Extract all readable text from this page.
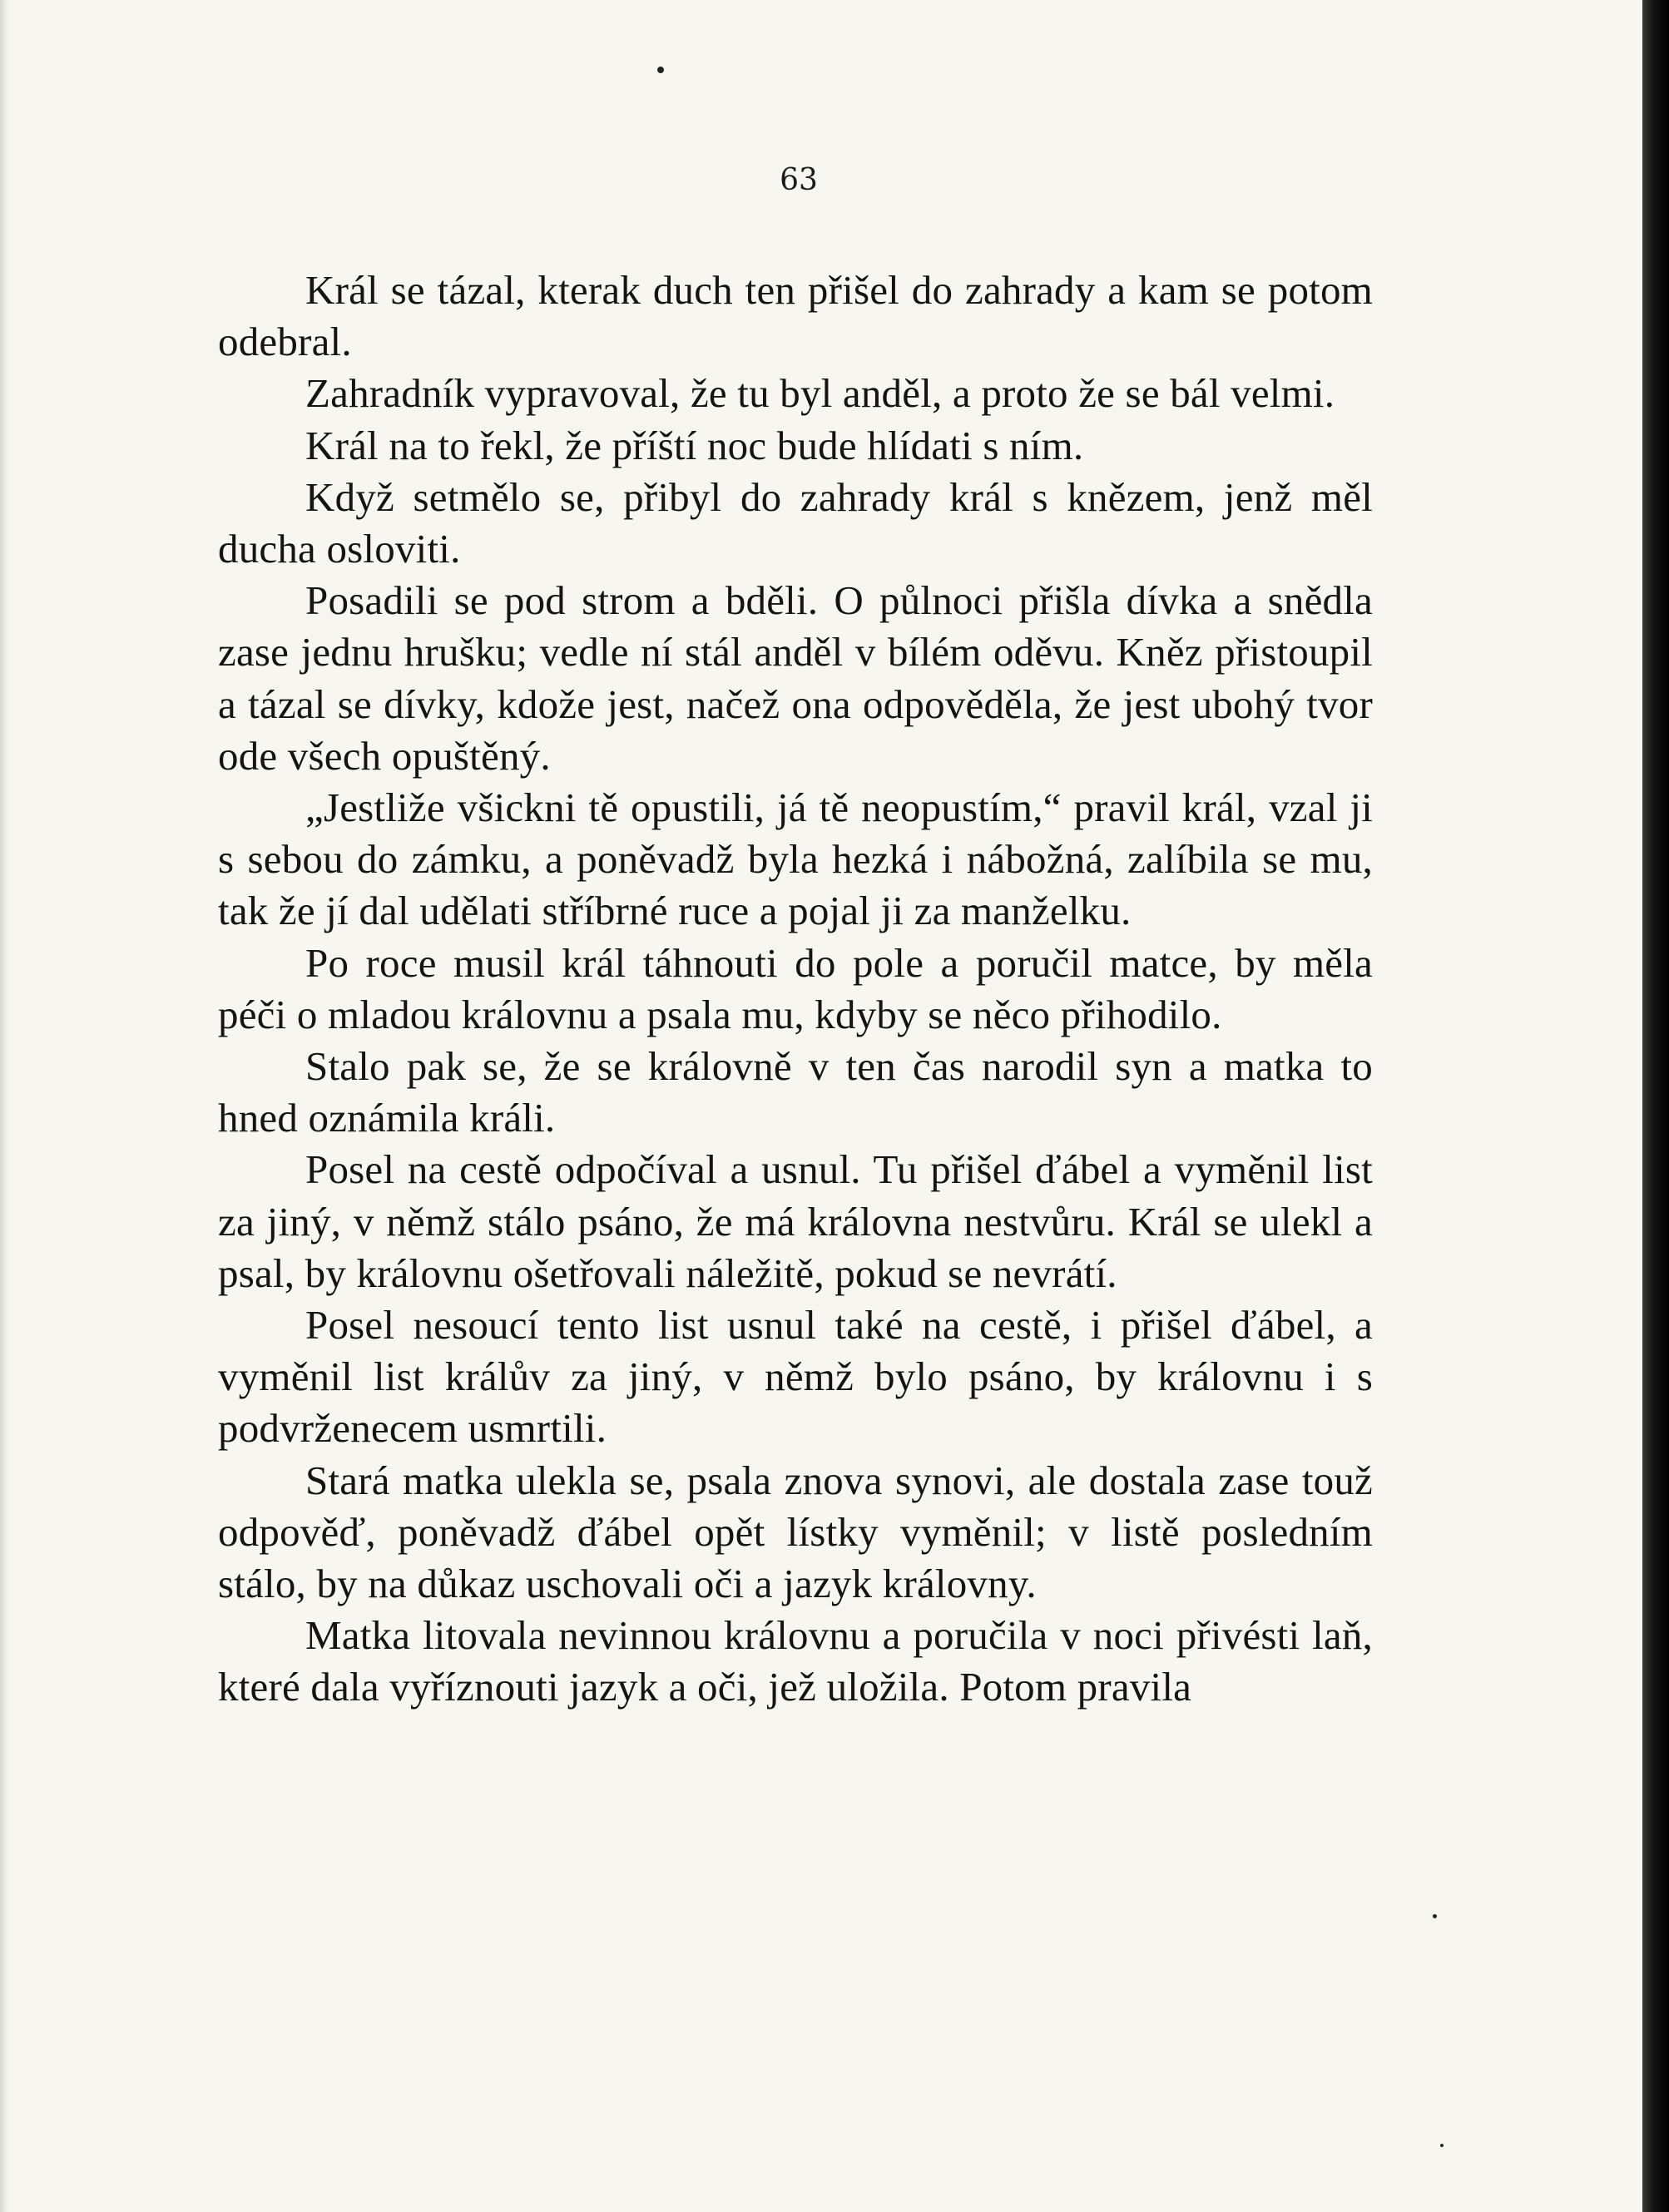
63

Král se tázal, kterak duch ten přišel do zahrady a kam se potom odebral.

Zahradník vypravoval, že tu byl anděl, a proto že se bál velmi.

Král na to řekl, že příští noc bude hlídati s ním.

Když setmělo se, přibyl do zahrady král s knězem, jenž měl ducha osloviti.

Posadili se pod strom a bděli. O půlnoci přišla dívka a snědla zase jednu hrušku; vedle ní stál anděl v bílém oděvu. Kněz přistoupil a tázal se dívky, kdože jest, načež ona odpověděla, že jest ubohý tvor ode všech opuštěný.

„Jestliže všickni tě opustili, já tě neopustím,“ pravil král, vzal ji s sebou do zámku, a poněvadž byla hezká i nábožná, zalíbila se mu, tak že jí dal udělati stříbrné ruce a pojal ji za manželku.

Po roce musil král táhnouti do pole a poručil matce, by měla péči o mladou královnu a psala mu, kdyby se něco přihodilo.

Stalo pak se, že se královně v ten čas narodil syn a matka to hned oznámila králi.

Posel na cestě odpočíval a usnul. Tu přišel ďábel a vyměnil list za jiný, v němž stálo psáno, že má královna nestvůru. Král se ulekl a psal, by královnu ošetřovali náležitě, pokud se nevrátí.

Posel nesoucí tento list usnul také na cestě, i přišel ďábel, a vyměnil list králův za jiný, v němž bylo psáno, by královnu i s podvrženecem usmrtili.

Stará matka ulekla se, psala znova synovi, ale dostala zase touž odpověď, poněvadž ďábel opět lístky vyměnil; v listě posledním stálo, by na důkaz uschovali oči a jazyk královny.

Matka litovala nevinnou královnu a poručila v noci přivésti laň, které dala vyříznouti jazyk a oči, jež uložila. Potom pravila
